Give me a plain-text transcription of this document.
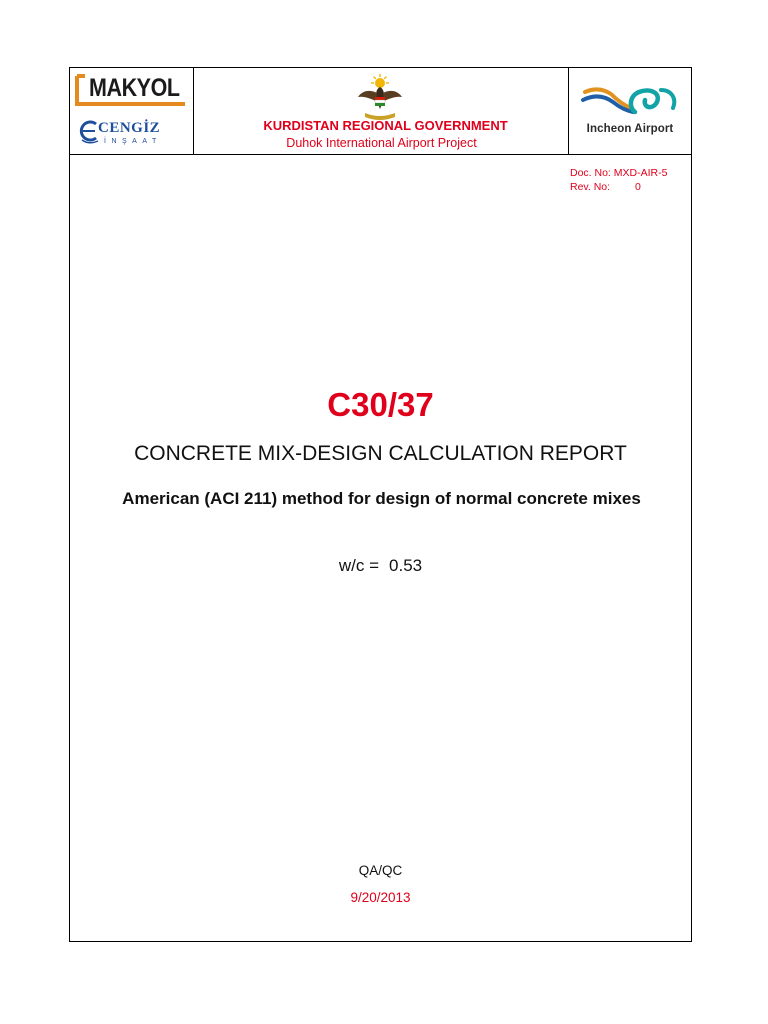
MAKYOL
CENGİZ
İNŞAAT
KURDISTAN REGIONAL GOVERNMENT
Duhok International Airport Project
Incheon Airport
Doc. No: MXD-AIR-5
Rev. No: 0
C30/37
CONCRETE MIX-DESIGN CALCULATION REPORT
American (ACI 211) method for design of normal concrete mixes
w/c = 0.53
QA/QC
9/20/2013
